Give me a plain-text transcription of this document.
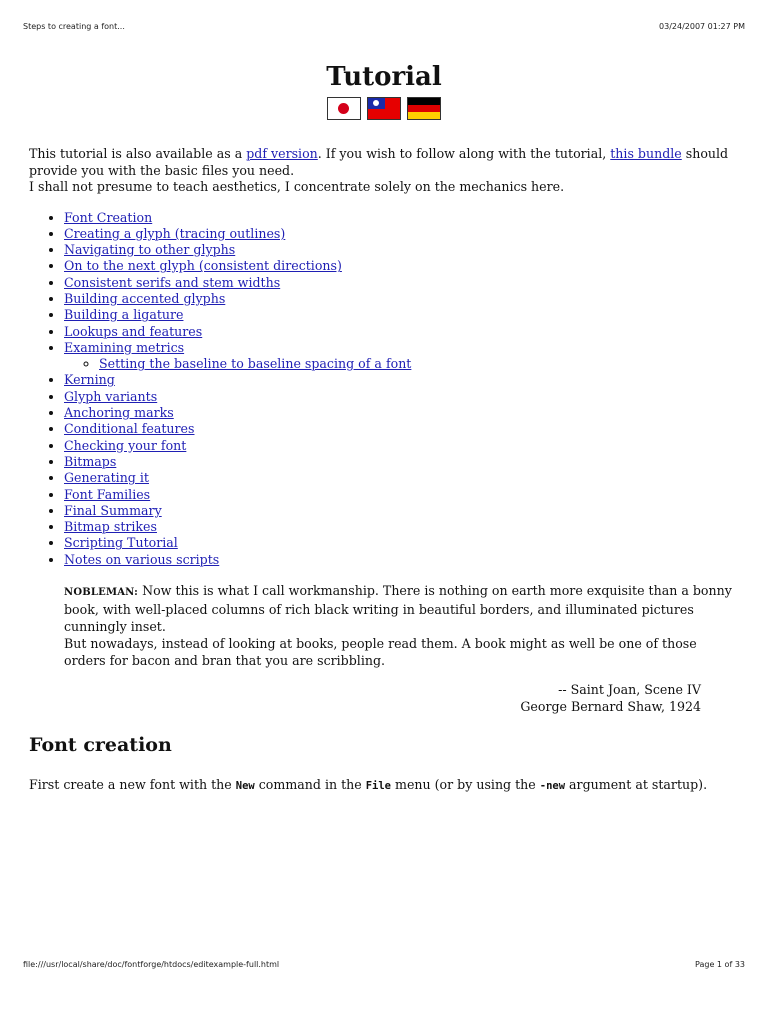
Steps to creating a font...	03/24/2007 01:27 PM
Tutorial

This tutorial is also available as a pdf version. If you wish to follow along with the tutorial, this bundle should provide you with the basic files you need.

I shall not presume to teach aesthetics, I concentrate solely on the mechanics here.

• Font Creation
• Creating a glyph (tracing outlines)
• Navigating to other glyphs
• On to the next glyph (consistent directions)
• Consistent serifs and stem widths
• Building accented glyphs
• Building a ligature
• Lookups and features
• Examining metrics
◦ Setting the baseline to baseline spacing of a font
• Kerning
• Glyph variants
• Anchoring marks
• Conditional features
• Checking your font
• Bitmaps
• Generating it
• Font Families
• Final Summary
• Bitmap strikes
• Scripting Tutorial
• Notes on various scripts

NOBLEMAN: Now this is what I call workmanship. There is nothing on earth more exquisite than a bonny book, with well-placed columns of rich black writing in beautiful borders, and illuminated pictures cunningly inset.

But nowadays, instead of looking at books, people read them. A book might as well be one of those orders for bacon and bran that you are scribbling.

-- Saint Joan, Scene IV
George Bernard Shaw, 1924
Font creation

First create a new font with the New command in the File menu (or by using the -new argument at startup).

file:///usr/local/share/doc/fontforge/htdocs/editexample-full.html	Page 1 of 33
